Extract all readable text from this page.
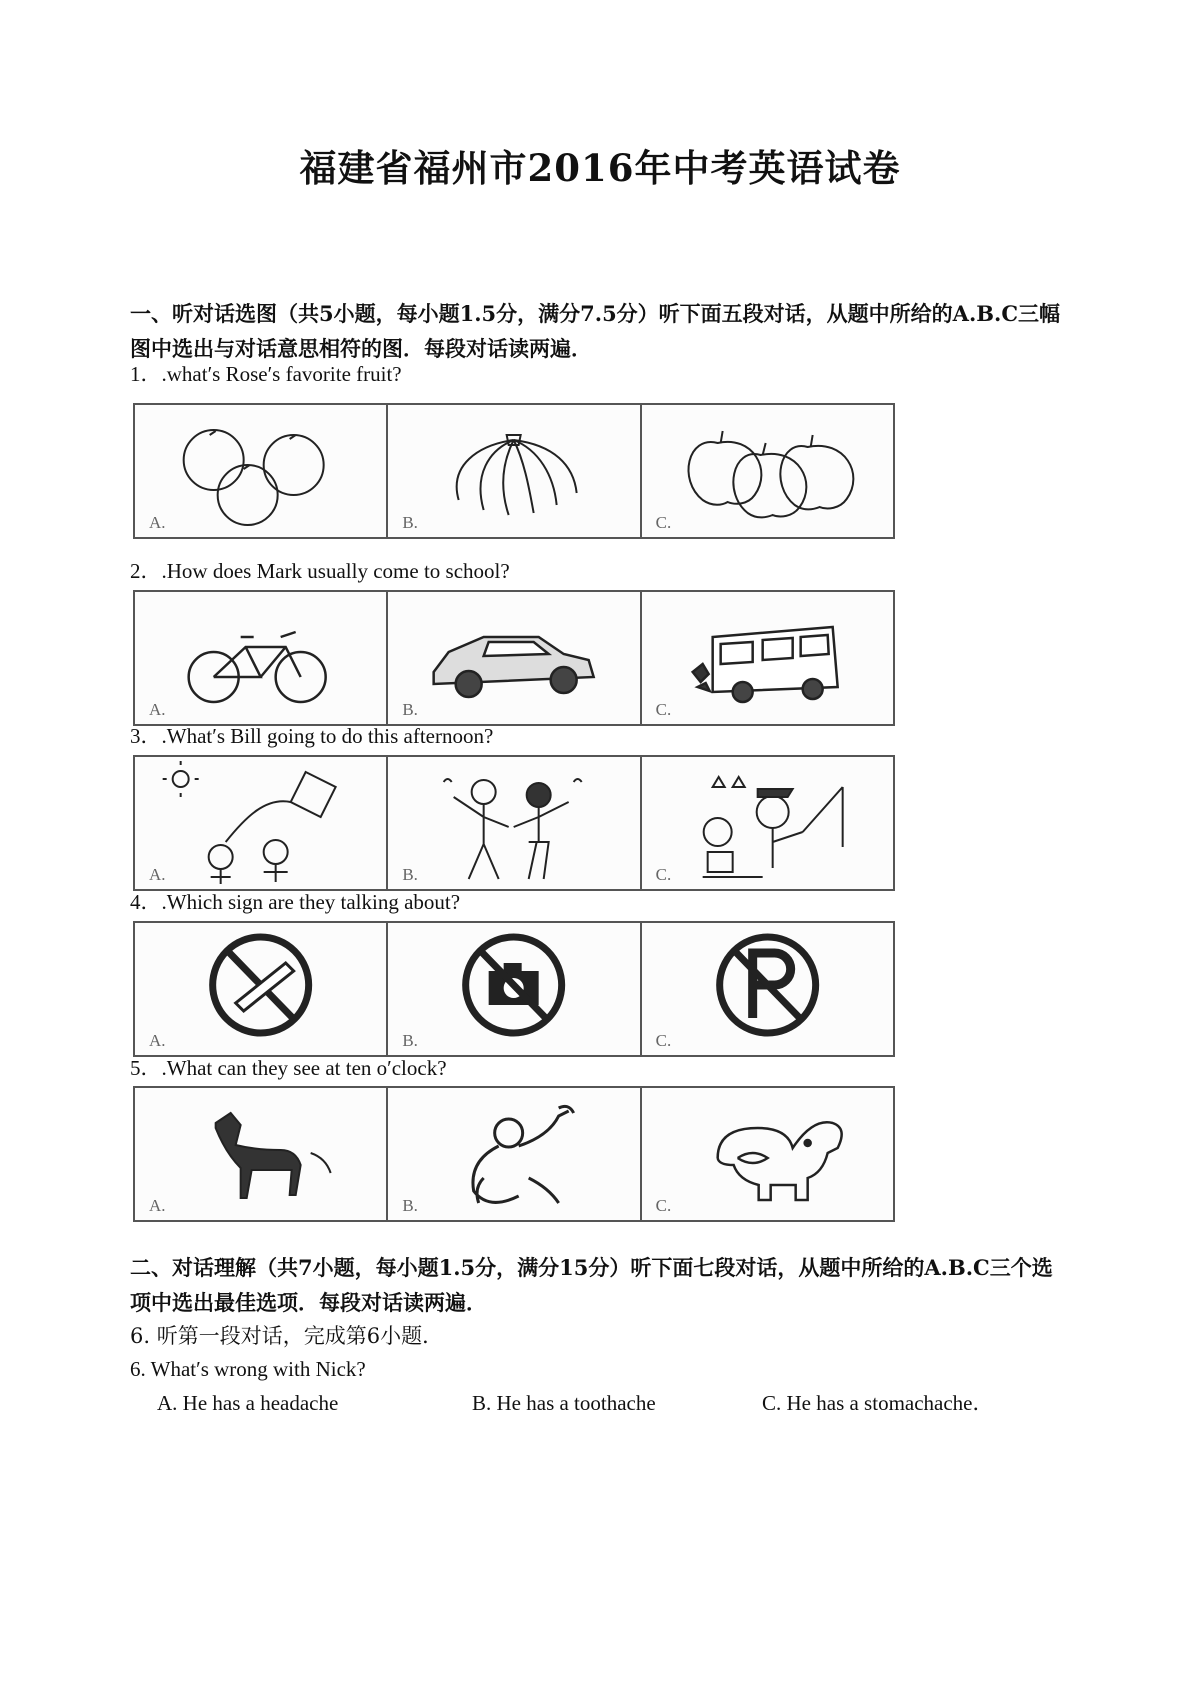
福建省福州市2016年中考英语试卷
一、听对话选图（共5小题，每小题1.5分，满分7.5分）听下面五段对话，从题中所给的A.B.C三幅图中选出与对话意思相符的图．每段对话读两遍．
1．.what′s Rose′s favorite fruit?
A.	B.	C.
2．.How does Mark usually come to school?
A.	B.	C.
3．.What′s Bill going to do this afternoon?
A.	B.	C.
4．.Which sign are they talking about?
A.	B.	C.
5．.What can they see at ten o′clock?
A.	B.	C.
二、对话理解（共7小题，每小题1.5分，满分15分）听下面七段对话，从题中所给的A.B.C三个选项中选出最佳选项．每段对话读两遍．
6. 听第一段对话，完成第6小题．
6. What′s wrong with Nick?
A. He has a headache	B. He has a toothache	C. He has a stomachache．
